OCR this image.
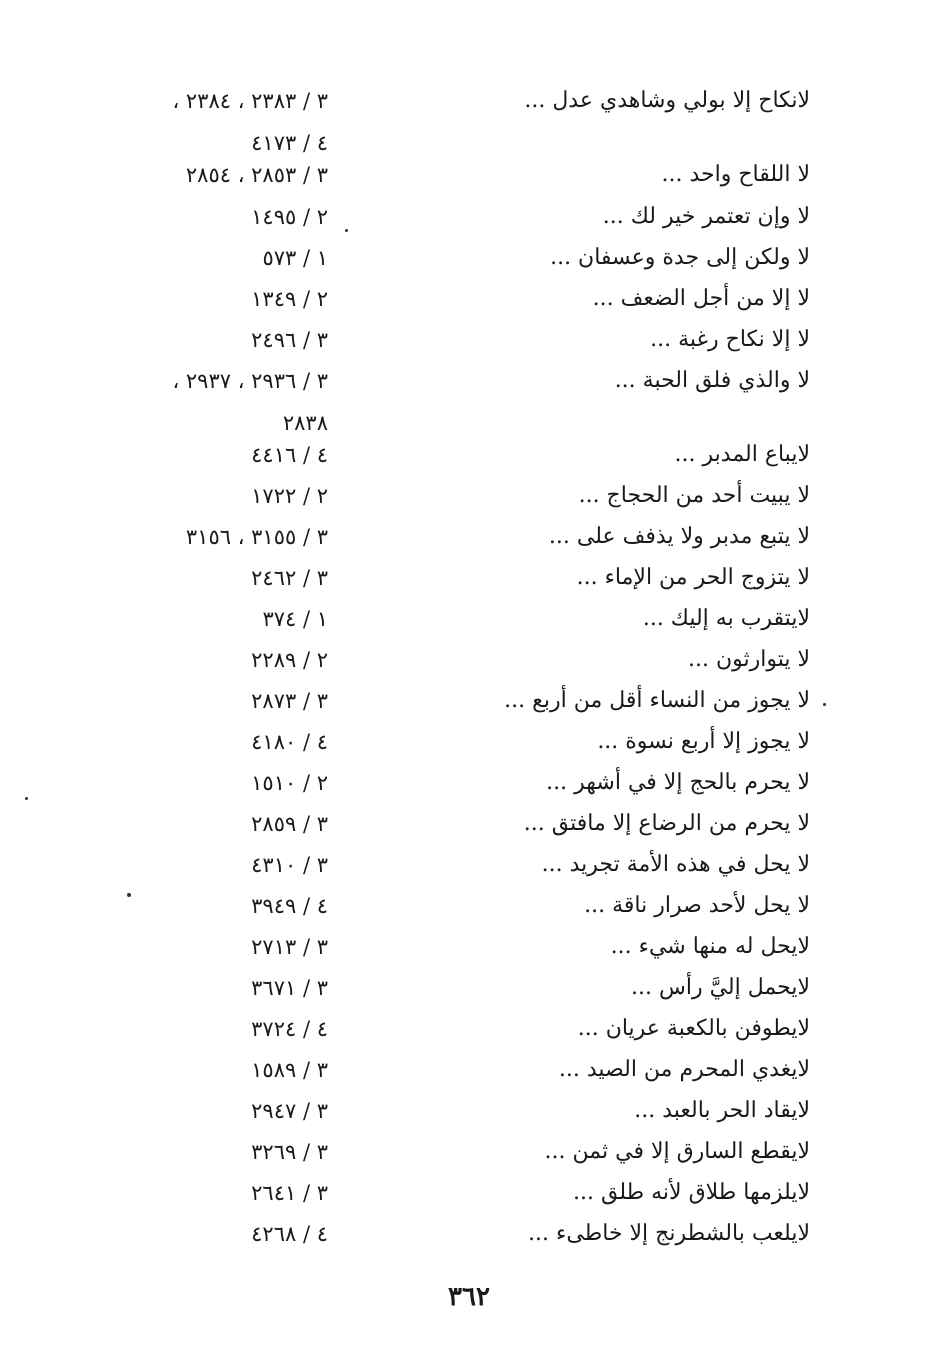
لانكاح إلا بولي وشاهدي عدل ...
٣ / ٢٣٨٣ ، ٢٣٨٤ ،
٤ / ٤١٧٣
لا اللقاح واحد ...
٣ / ٢٨٥٣ ، ٢٨٥٤
لا وإن تعتمر خير لك ...
٢ / ١٤٩٥
لا ولكن إلى جدة وعسفان ...
١ / ٥٧٣
لا إلا من أجل الضعف ...
٢ / ١٣٤٩
لا إلا نكاح رغبة ...
٣ / ٢٤٩٦
لا والذي فلق الحبة ...
٣ / ٢٩٣٦ ، ٢٩٣٧ ،
٢٨٣٨
لايباع المدبر ...
٤ / ٤٤١٦
لا يبيت أحد من الحجاج ...
٢ / ١٧٢٢
لا يتبع مدبر ولا يذفف على ...
٣ / ٣١٥٥ ، ٣١٥٦
لا يتزوج الحر من الإماء ...
٣ / ٢٤٦٢
لايتقرب به إليك ...
١ / ٣٧٤
لا يتوارثون ...
٢ / ٢٢٨٩
لا يجوز من النساء أقل من أربع ...
٣ / ٢٨٧٣
لا يجوز إلا أربع نسوة ...
٤ / ٤١٨٠
لا يحرم بالحج إلا في أشهر ...
٢ / ١٥١٠
لا يحرم من الرضاع إلا مافتق ...
٣ / ٢٨٥٩
لا يحل في هذه الأمة تجريد ...
٣ / ٤٣١٠
لا يحل لأحد صرار ناقة ...
٤ / ٣٩٤٩
لايحل له منها شيء ...
٣ / ٢٧١٣
لايحمل إليَّ رأس ...
٣ / ٣٦٧١
لايطوفن بالكعبة عريان ...
٤ / ٣٧٢٤
لايغدي المحرم من الصيد ...
٣ / ١٥٨٩
لايقاد الحر بالعبد ...
٣ / ٢٩٤٧
لايقطع السارق إلا في ثمن ...
٣ / ٣٢٦٩
لايلزمها طلاق لأنه طلق ...
٣ / ٢٦٤١
لايلعب بالشطرنج إلا خاطىء ...
٤ / ٤٢٦٨
٣٦٢
